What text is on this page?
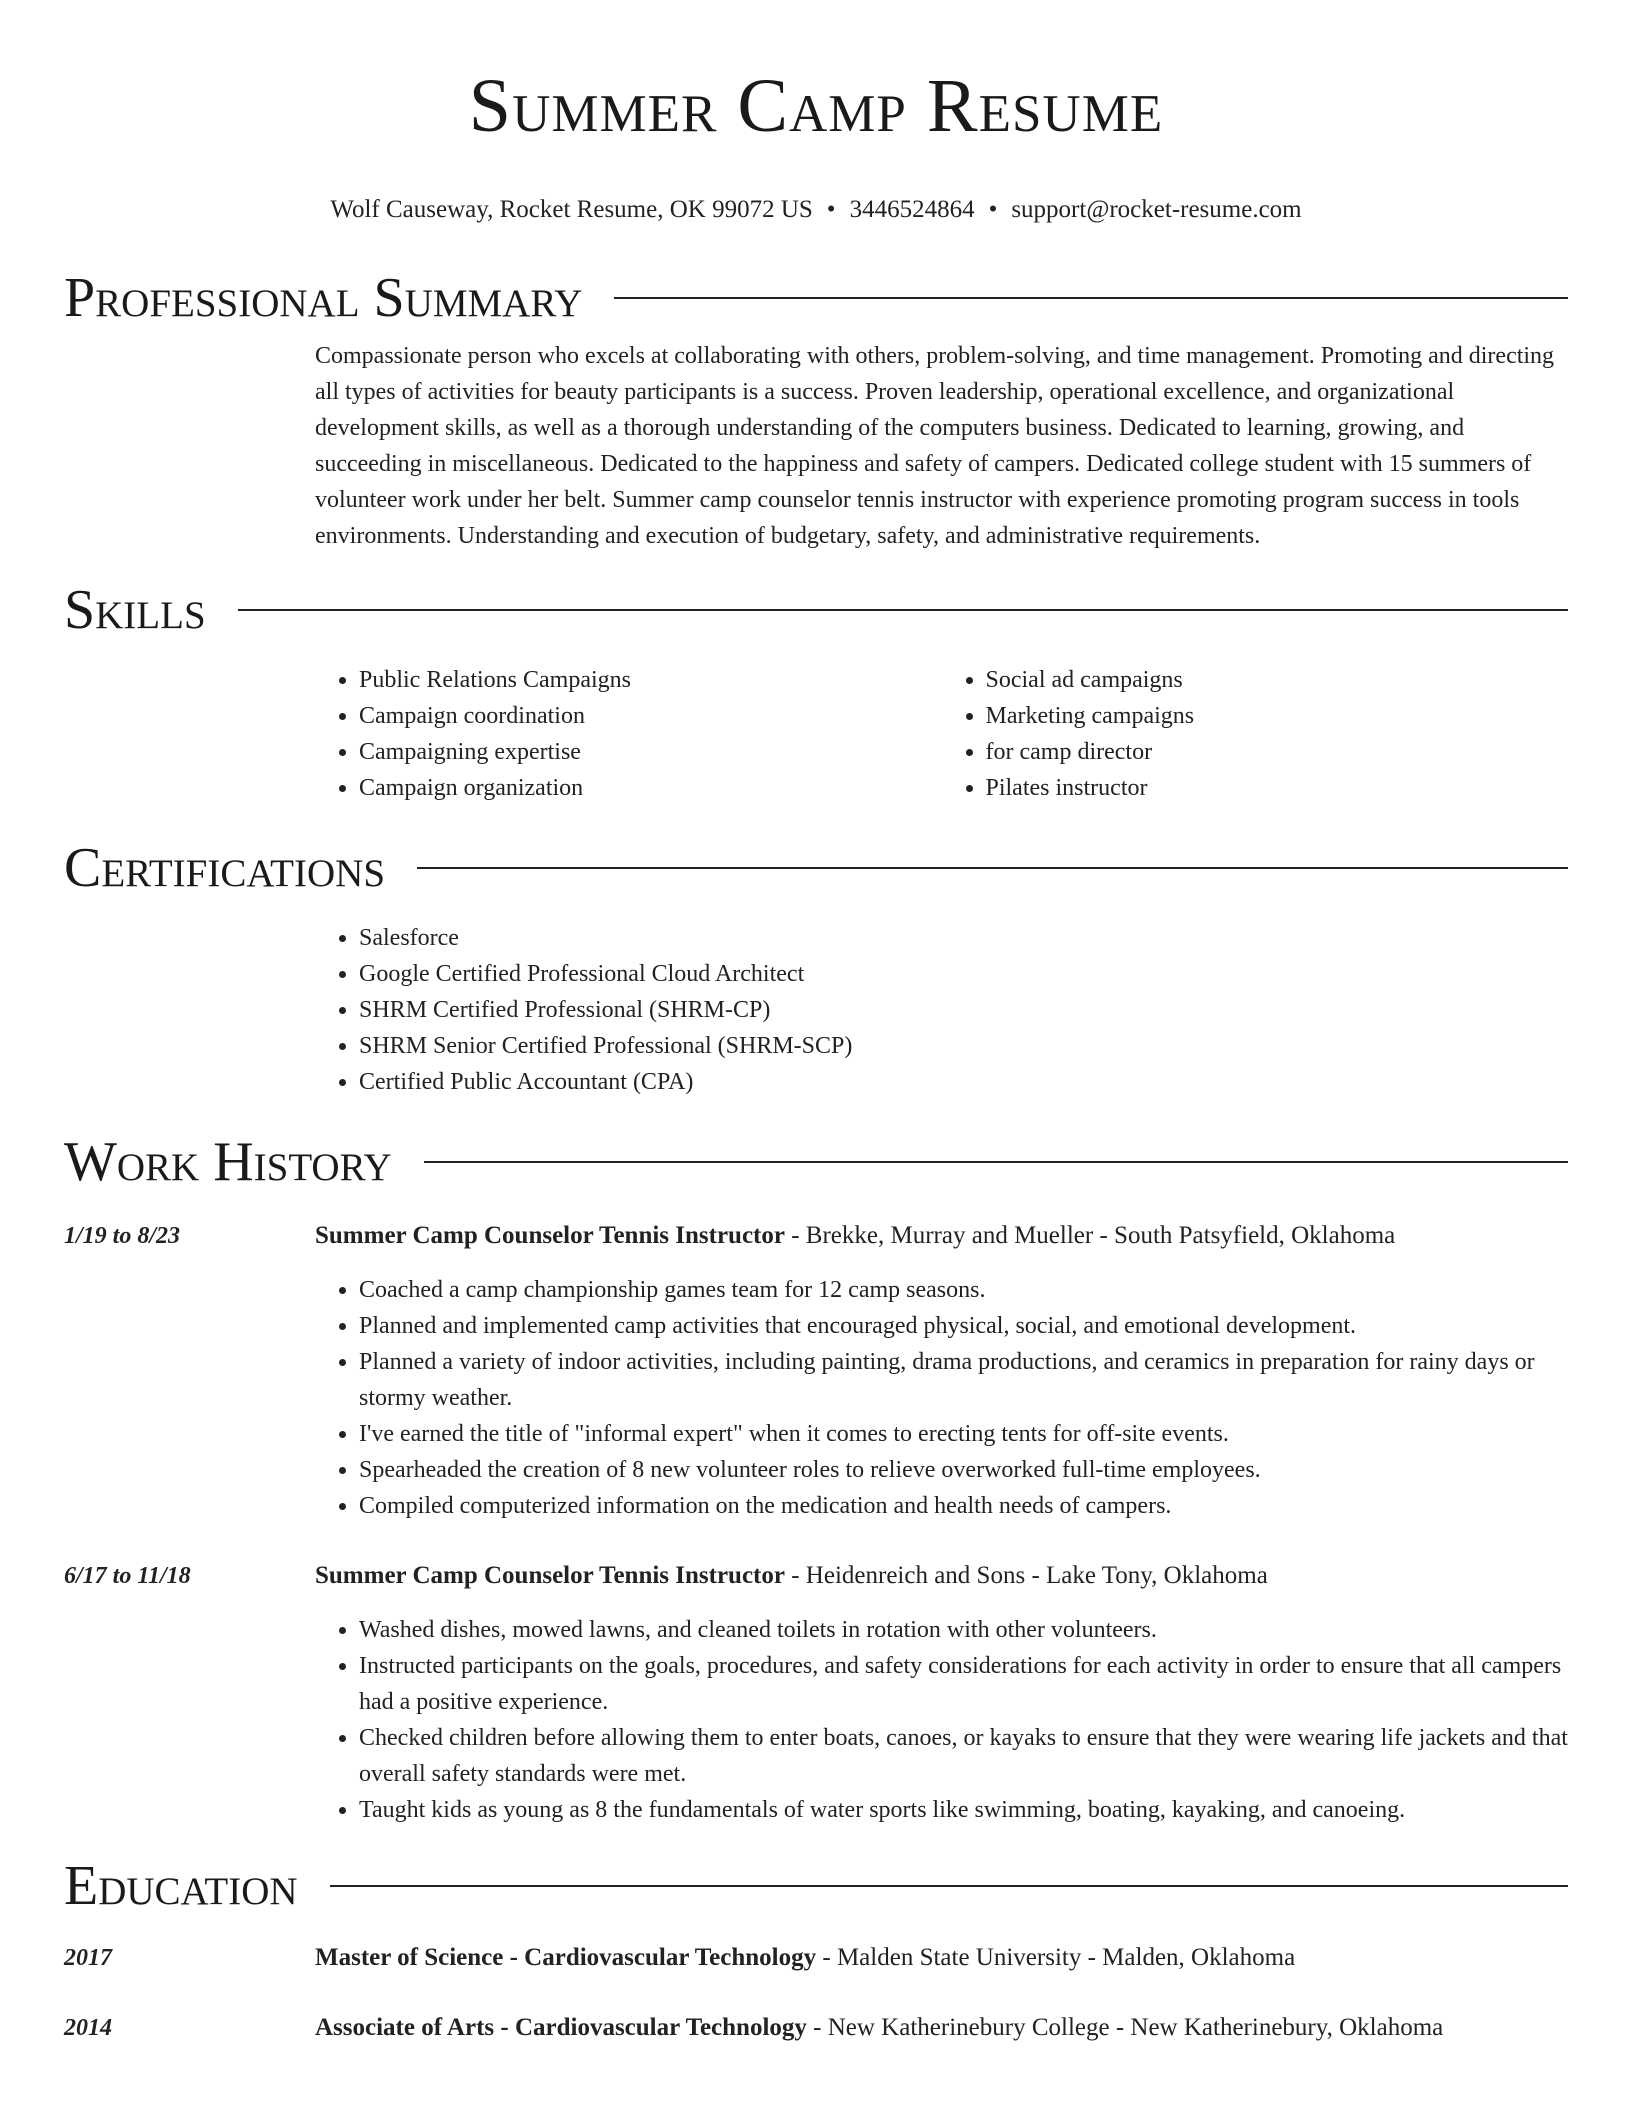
Summer Camp Resume
Wolf Causeway, Rocket Resume, OK 99072 US • 3446524864 • support@rocket-resume.com
Professional Summary

Compassionate person who excels at collaborating with others, problem-solving, and time management. Promoting and directing all types of activities for beauty participants is a success. Proven leadership, operational excellence, and organizational development skills, as well as a thorough understanding of the computers business. Dedicated to learning, growing, and succeeding in miscellaneous. Dedicated to the happiness and safety of campers. Dedicated college student with 15 summers of volunteer work under her belt. Summer camp counselor tennis instructor with experience promoting program success in tools environments. Understanding and execution of budgetary, safety, and administrative requirements.

Skills
• Public Relations Campaigns
• Campaign coordination
• Campaigning expertise
• Campaign organization
• Social ad campaigns
• Marketing campaigns
• for camp director
• Pilates instructor
Certifications
• Salesforce
• Google Certified Professional Cloud Architect
• SHRM Certified Professional (SHRM-CP)
• SHRM Senior Certified Professional (SHRM-SCP)
• Certified Public Accountant (CPA)
Work History
1/19 to 8/23	Summer Camp Counselor Tennis Instructor - Brekke, Murray and Mueller - South Patsyfield, Oklahoma
• Coached a camp championship games team for 12 camp seasons.
• Planned and implemented camp activities that encouraged physical, social, and emotional development.
• Planned a variety of indoor activities, including painting, drama productions, and ceramics in preparation for rainy days or stormy weather.
• I've earned the title of "informal expert" when it comes to erecting tents for off-site events.
• Spearheaded the creation of 8 new volunteer roles to relieve overworked full-time employees.
• Compiled computerized information on the medication and health needs of campers.
6/17 to 11/18	Summer Camp Counselor Tennis Instructor - Heidenreich and Sons - Lake Tony, Oklahoma
• Washed dishes, mowed lawns, and cleaned toilets in rotation with other volunteers.
• Instructed participants on the goals, procedures, and safety considerations for each activity in order to ensure that all campers had a positive experience.
• Checked children before allowing them to enter boats, canoes, or kayaks to ensure that they were wearing life jackets and that overall safety standards were met.
• Taught kids as young as 8 the fundamentals of water sports like swimming, boating, kayaking, and canoeing.
Education
2017	Master of Science - Cardiovascular Technology - Malden State University - Malden, Oklahoma
2014	Associate of Arts - Cardiovascular Technology - New Katherinebury College - New Katherinebury, Oklahoma
